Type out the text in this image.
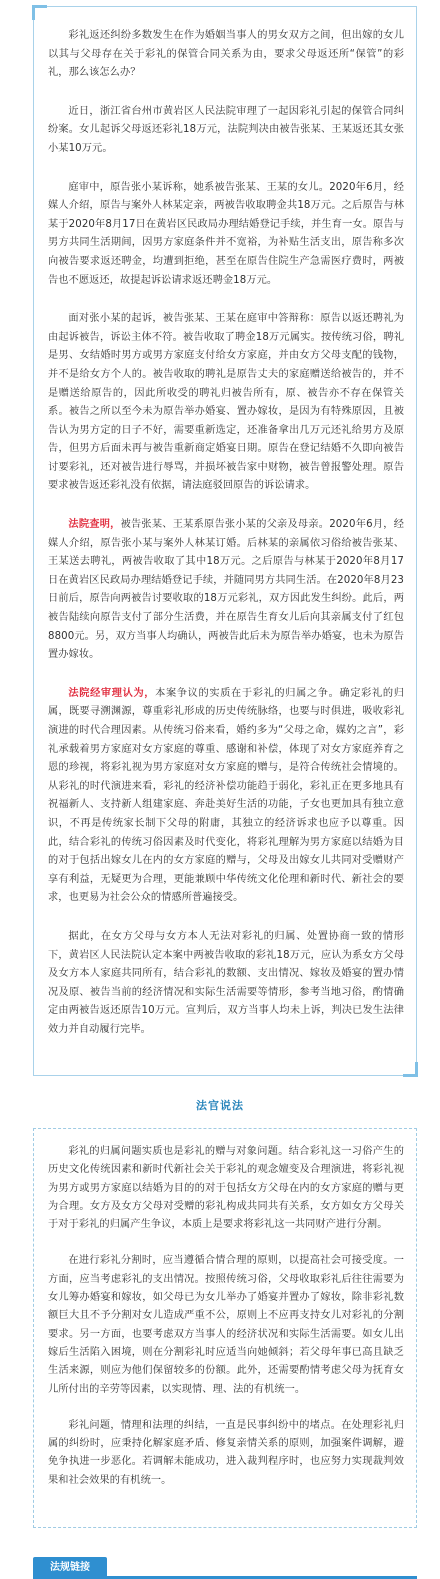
彩礼返还纠纷多数发生在作为婚姻当事人的男女双方之间，但出嫁的女儿以其与父母存在关于彩礼的保管合同关系为由，要求父母返还所“保管”的彩礼，那么该怎么办？

近日，浙江省台州市黄岩区人民法院审理了一起因彩礼引起的保管合同纠纷案。女儿起诉父母返还彩礼18万元，法院判决由被告张某、王某返还其女张小某10万元。

庭审中，原告张小某诉称，她系被告张某、王某的女儿。2020年6月，经媒人介绍，原告与案外人林某定亲，两被告收取聘金共18万元。之后原告与林某于2020年8月17日在黄岩区民政局办理结婚登记手续，并生育一女。原告与男方共同生活期间，因男方家庭条件并不宽裕，为补贴生活支出，原告称多次向被告要求返还聘金，均遭到拒绝，甚至在原告住院生产急需医疗费时，两被告也不愿返还，故提起诉讼请求返还聘金18万元。

面对张小某的起诉，被告张某、王某在庭审中答辩称：原告以返还聘礼为由起诉被告，诉讼主体不符。被告收取了聘金18万元属实。按传统习俗，聘礼是男、女结婚时男方或男方家庭支付给女方家庭，并由女方父母支配的钱物，并不是给女方个人的。被告收取的聘礼是原告丈夫的家庭赠送给被告的，并不是赠送给原告的，因此所收受的聘礼归被告所有，原、被告亦不存在保管关系。被告之所以至今未为原告举办婚宴、置办嫁妆，是因为有特殊原因，且被告认为男方定的日子不好，需要重新选定，还准备拿出几万元还礼给男方及原告，但男方后面未再与被告重新商定婚宴日期。原告在登记结婚不久即向被告讨要彩礼，还对被告进行辱骂，并损坏被告家中财物，被告曾报警处理。原告要求被告返还彩礼没有依据，请法庭驳回原告的诉讼请求。

法院查明，被告张某、王某系原告张小某的父亲及母亲。2020年6月，经媒人介绍，原告张小某与案外人林某订婚。后林某的亲属依习俗给被告张某、王某送去聘礼，两被告收取了其中18万元。之后原告与林某于2020年8月17日在黄岩区民政局办理结婚登记手续，并随同男方共同生活。在2020年8月23日前后，原告向两被告讨要收取的18万元彩礼，双方因此发生纠纷。此后，两被告陆续向原告支付了部分生活费，并在原告生育女儿后向其亲属支付了红包8800元。另，双方当事人均确认，两被告此后未为原告举办婚宴，也未为原告置办嫁妆。

法院经审理认为，本案争议的实质在于彩礼的归属之争。确定彩礼的归属，既要寻溯渊源，尊重彩礼形成的历史传统脉络，也要与时俱进，吸收彩礼演进的时代合理因素。从传统习俗来看，婚约多为“父母之命，媒妁之言”，彩礼承载着男方家庭对女方家庭的尊重、感谢和补偿，体现了对女方家庭养育之恩的珍视，将彩礼视为男方家庭对女方家庭的赠与，是符合传统社会情境的。从彩礼的时代演进来看，彩礼的经济补偿功能趋于弱化，彩礼正在更多地具有祝福新人、支持新人组建家庭、奔赴美好生活的功能，子女也更加具有独立意识，不再是传统家长制下父母的附庸，其独立的经济诉求也应予以尊重。因此，结合彩礼的传统习俗因素及时代变化，将彩礼理解为男方家庭以结婚为目的对于包括出嫁女儿在内的女方家庭的赠与，父母及出嫁女儿共同对受赠财产享有利益，无疑更为合理，更能兼顾中华传统文化伦理和新时代、新社会的要求，也更易为社会公众的情感所普遍接受。

据此，在女方父母与女方本人无法对彩礼的归属、处置协商一致的情形下，黄岩区人民法院认定本案中两被告收取的彩礼18万元，应认为系女方父母及女方本人家庭共同所有，结合彩礼的数额、支出情况、嫁妆及婚宴的置办情况及原、被告当前的经济情况和实际生活需要等情形，参考当地习俗，酌情确定由两被告返还原告10万元。宣判后，双方当事人均未上诉，判决已发生法律效力并自动履行完毕。

法官说法

彩礼的归属问题实质也是彩礼的赠与对象问题。结合彩礼这一习俗产生的历史文化传统因素和新时代新社会关于彩礼的观念嬗变及合理演进，将彩礼视为男方或男方家庭以结婚为目的的对于包括女方父母在内的女方家庭的赠与更为合理。女方及女方父母对受赠的彩礼构成共同共有关系，女方如女方父母关于对于彩礼的归属产生争议，本质上是要求将彩礼这一共同财产进行分割。

在进行彩礼分割时，应当遵循合情合理的原则，以提高社会可接受度。一方面，应当考虑彩礼的支出情况。按照传统习俗，父母收取彩礼后往往需要为女儿筹办婚宴和嫁妆，如父母已为女儿举办了婚宴并置办了嫁妆，除非彩礼数额巨大且不予分割对女儿造成严重不公，原则上不应再支持女儿对彩礼的分割要求。另一方面，也要考虑双方当事人的经济状况和实际生活需要。如女儿出嫁后生活陷入困境，则在分割彩礼时应适当向她倾斜；若父母年事已高且缺乏生活来源，则应为他们保留较多的份额。此外，还需要酌情考虑父母为抚育女儿所付出的辛劳等因素，以实现情、理、法的有机统一。

彩礼问题，情理和法理的纠结，一直是民事纠纷中的堵点。在处理彩礼归属的纠纷时，应秉持化解家庭矛盾、修复亲情关系的原则，加强案件调解，避免争执进一步恶化。若调解未能成功，进入裁判程序时，也应努力实现裁判效果和社会效果的有机统一。

法规链接
